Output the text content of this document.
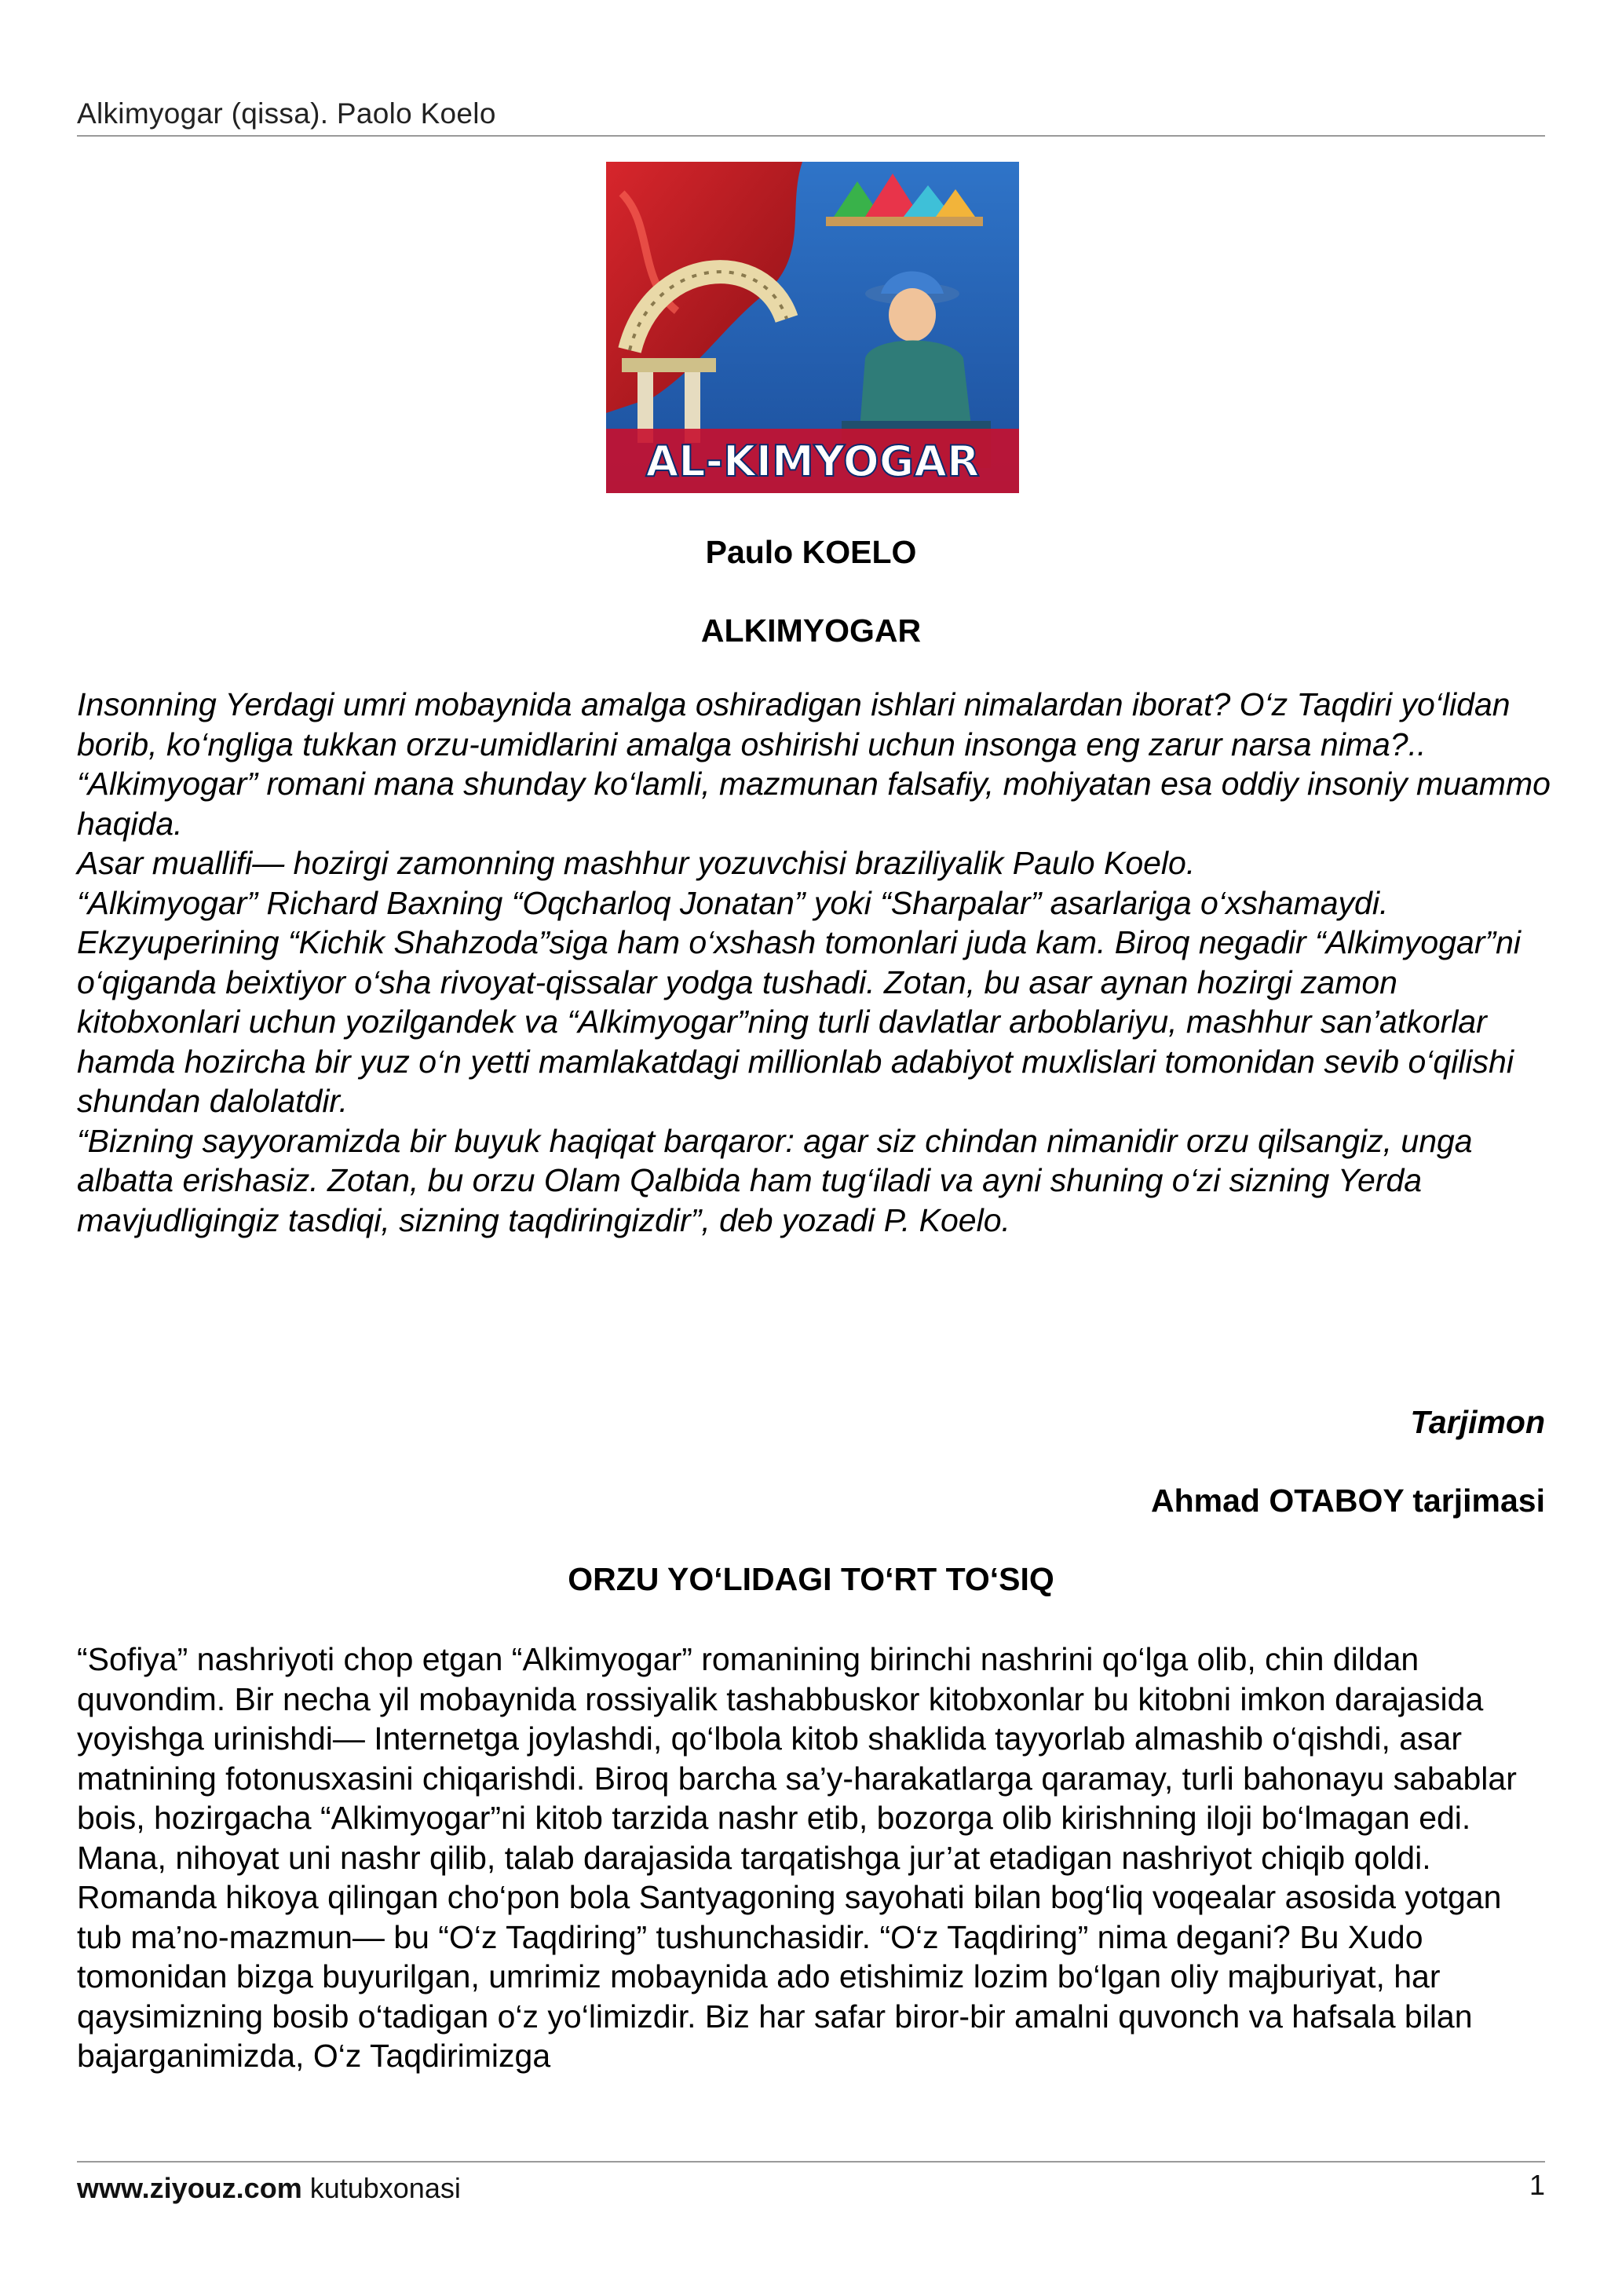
Alkimyogar (qissa). Paolo Koelo
AL-KIMYOGAR
Paulo KOELO
ALKIMYOGAR

Insonning Yerdagi umri mobaynida amalga oshiradigan ishlari nimalardan iborat? O‘z Taqdiri yo‘lidan borib, ko‘ngliga tukkan orzu-umidlarini amalga oshirishi uchun insonga eng zarur narsa nima?..

“Alkimyogar” romani mana shunday ko‘lamli, mazmunan falsafiy, mohiyatan esa oddiy insoniy muammo haqida.

Asar muallifi— hozirgi zamonning mashhur yozuvchisi braziliyalik Paulo Koelo.

“Alkimyogar” Richard Baxning “Oqcharloq Jonatan” yoki “Sharpalar” asarlariga o‘xshamaydi. Ekzyuperining “Kichik Shahzoda”siga ham o‘xshash tomonlari juda kam. Biroq negadir “Alkimyogar”ni o‘qiganda beixtiyor o‘sha rivoyat-qissalar yodga tushadi. Zotan, bu asar aynan hozirgi zamon kitobxonlari uchun yozilgandek va “Alkimyogar”ning turli davlatlar arboblariyu, mashhur san’atkorlar hamda hozircha bir yuz o‘n yetti mamlakatdagi millionlab adabiyot muxlislari tomonidan sevib o‘qilishi shundan dalolatdir.

“Bizning sayyoramizda bir buyuk haqiqat barqaror: agar siz chindan nimanidir orzu qilsangiz, unga albatta erishasiz. Zotan, bu orzu Olam Qalbida ham tug‘iladi va ayni shuning o‘zi sizning Yerda mavjudligingiz tasdiqi, sizning taqdiringizdir”, deb yozadi P. Koelo.

Tarjimon
Ahmad OTABOY tarjimasi
ORZU YO‘LIDAGI TO‘RT TO‘SIQ

“Sofiya” nashriyoti chop etgan “Alkimyogar” romanining birinchi nashrini qo‘lga olib, chin dildan quvondim. Bir necha yil mobaynida rossiyalik tashabbuskor kitobxonlar bu kitobni imkon darajasida yoyishga urinishdi— Internetga joylashdi, qo‘lbola kitob shaklida tayyorlab almashib o‘qishdi, asar matnining fotonusxasini chiqarishdi. Biroq barcha sa’y-harakatlarga qaramay, turli bahonayu sabablar bois, hozirgacha “Alkimyogar”ni kitob tarzida nashr etib, bozorga olib kirishning iloji bo‘lmagan edi.

Mana, nihoyat uni nashr qilib, talab darajasida tarqatishga jur’at etadigan nashriyot chiqib qoldi. Romanda hikoya qilingan cho‘pon bola Santyagoning sayohati bilan bog‘liq voqealar asosida yotgan tub ma’no-mazmun— bu “O‘z Taqdiring” tushunchasidir. “O‘z Taqdiring” nima degani? Bu Xudo tomonidan bizga buyurilgan, umrimiz mobaynida ado etishimiz lozim bo‘lgan oliy majburiyat, har qaysimizning bosib o‘tadigan o‘z yo‘limizdir. Biz har safar biror-bir amalni quvonch va hafsala bilan bajarganimizda, O‘z Taqdirimizga

www.ziyouz.com kutubxonasi	1
